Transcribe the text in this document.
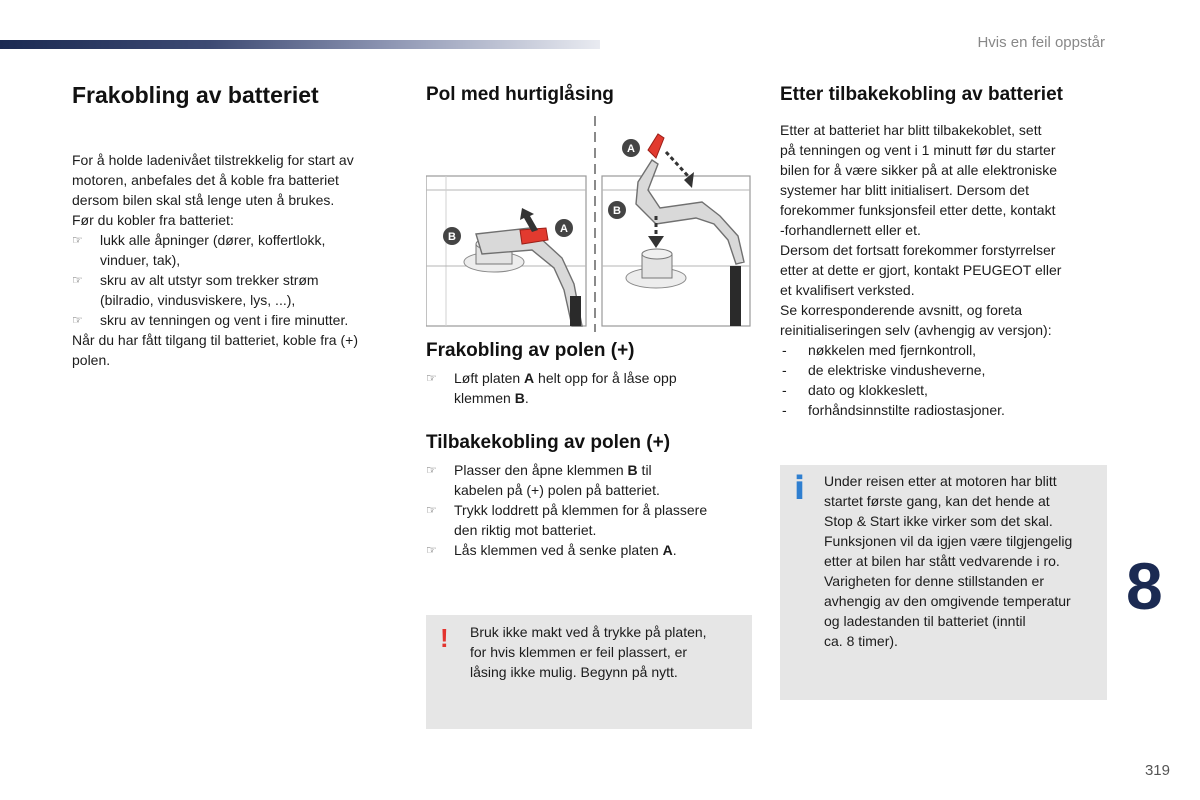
Hvis en feil oppstår
Frakobling av batteriet

For å holde ladenivået tilstrekkelig for start av

motoren, anbefales det å koble fra batteriet

dersom bilen skal stå lenge uten å brukes.

Før du kobler fra batteriet:

☞ lukk alle åpninger (dører, koffertlokk,

vinduer, tak),

☞ skru av alt utstyr som trekker strøm

(bilradio, vindusviskere, lys, ...),

☞ skru av tenningen og vent i fire minutter.

Når du har fått tilgang til batteriet, koble fra (+)

polen.

Pol med hurtiglåsing
A
B
A
B
Frakobling av polen (+)
☞ Løft platen A helt opp for å låse opp

klemmen B.

Tilbakekobling av polen (+)
☞ Plasser den åpne klemmen B til

kabelen på (+) polen på batteriet.

☞ Trykk loddrett på klemmen for å plassere

den riktig mot batteriet.

☞ Lås klemmen ved å senke platen A.

! Bruk ikke makt ved å trykke på platen,

for hvis klemmen er feil plassert, er

låsing ikke mulig. Begynn på nytt.

Etter tilbakekobling av batteriet

Etter at batteriet har blitt tilbakekoblet, sett

på tenningen og vent i 1 minutt før du starter

bilen for å være sikker på at alle elektroniske

systemer har blitt initialisert. Dersom det

forekommer funksjonsfeil etter dette, kontakt

-forhandlernett eller et.

Dersom det fortsatt forekommer forstyrrelser

etter at dette er gjort, kontakt PEUGEOT eller

et kvalifisert verksted.

Se korresponderende avsnitt, og foreta

reinitialiseringen selv (avhengig av versjon):

- nøkkelen med fjernkontroll,

- de elektriske vindusheverne,

- dato og klokkeslett,

- forhåndsinnstilte radiostasjoner.

i Under reisen etter at motoren har blitt

startet første gang, kan det hende at

Stop & Start ikke virker som det skal.

Funksjonen vil da igjen være tilgjengelig

etter at bilen har stått vedvarende i ro.

Varigheten for denne stillstanden er

avhengig av den omgivende temperatur

og ladestanden til batteriet (inntil

ca. 8 timer).

8
319
